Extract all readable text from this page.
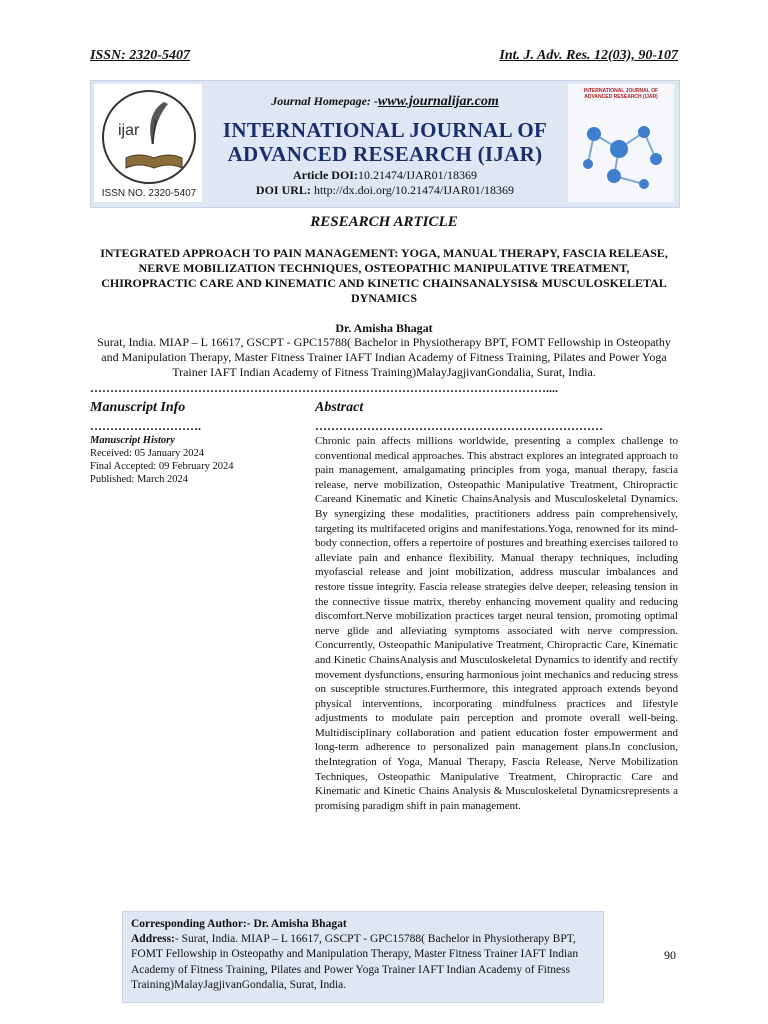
ISSN: 2320-5407	Int. J. Adv. Res. 12(03), 90-107
ijar
ISSN NO. 2320-5407
Journal Homepage: -www.journalijar.com
INTERNATIONAL JOURNAL OF
ADVANCED RESEARCH (IJAR)
Article DOI:10.21474/IJAR01/18369
DOI URL: http://dx.doi.org/10.21474/IJAR01/18369
INTERNATIONAL JOURNAL OF ADVANCED RESEARCH (IJAR)
RESEARCH ARTICLE
INTEGRATED APPROACH TO PAIN MANAGEMENT: YOGA, MANUAL THERAPY, FASCIA RELEASE, NERVE MOBILIZATION TECHNIQUES, OSTEOPATHIC MANIPULATIVE TREATMENT, CHIROPRACTIC CARE AND KINEMATIC AND KINETIC CHAINSANALYSIS& MUSCULOSKELETAL DYNAMICS
Dr. Amisha Bhagat
Surat, India. MIAP – L 16617, GSCPT - GPC15788( Bachelor in Physiotherapy BPT, FOMT Fellowship in Osteopathy and Manipulation Therapy, Master Fitness Trainer IAFT Indian Academy of Fitness Training, Pilates and Power Yoga Trainer IAFT Indian Academy of Fitness Training)MalayJagjivanGondalia, Surat, India.
……………………………………………………………………………………………………....
Manuscript Info	Abstract
……………………….	………………………………………………………………
Manuscript History
Received: 05 January 2024
Final Accepted: 09 February 2024
Published: March 2024
Chronic pain affects millions worldwide, presenting a complex challenge to conventional medical approaches. This abstract explores an integrated approach to pain management, amalgamating principles from yoga, manual therapy, fascia release, nerve mobilization, Osteopathic Manipulative Treatment, Chiropractic Careand Kinematic and Kinetic ChainsAnalysis and Musculoskeletal Dynamics. By synergizing these modalities, practitioners address pain comprehensively, targeting its multifaceted origins and manifestations.Yoga, renowned for its mind-body connection, offers a repertoire of postures and breathing exercises tailored to alleviate pain and enhance flexibility. Manual therapy techniques, including myofascial release and joint mobilization, address muscular imbalances and restore tissue integrity. Fascia release strategies delve deeper, releasing tension in the connective tissue matrix, thereby enhancing movement quality and reducing discomfort.Nerve mobilization practices target neural tension, promoting optimal nerve glide and alleviating symptoms associated with nerve compression. Concurrently, Osteopathic Manipulative Treatment, Chiropractic Care, Kinematic and Kinetic ChainsAnalysis and Musculoskeletal Dynamics to identify and rectify movement dysfunctions, ensuring harmonious joint mechanics and reducing stress on susceptible structures.Furthermore, this integrated approach extends beyond physical interventions, incorporating mindfulness practices and lifestyle adjustments to modulate pain perception and promote overall well-being. Multidisciplinary collaboration and patient education foster empowerment and long-term adherence to personalized pain management plans.In conclusion, theIntegration of Yoga, Manual Therapy, Fascia Release, Nerve Mobilization Techniques, Osteopathic Manipulative Treatment, Chiropractic Care and Kinematic and Kinetic Chains Analysis & Musculoskeletal Dynamicsrepresents a promising paradigm shift in pain management.
Corresponding Author:- Dr. Amisha Bhagat
Address:- Surat, India. MIAP – L 16617, GSCPT - GPC15788( Bachelor in Physiotherapy BPT, FOMT Fellowship in Osteopathy and Manipulation Therapy, Master Fitness Trainer IAFT Indian Academy of Fitness Training, Pilates and Power Yoga Trainer IAFT Indian Academy of Fitness Training)MalayJagjivanGondalia, Surat, India.
90
